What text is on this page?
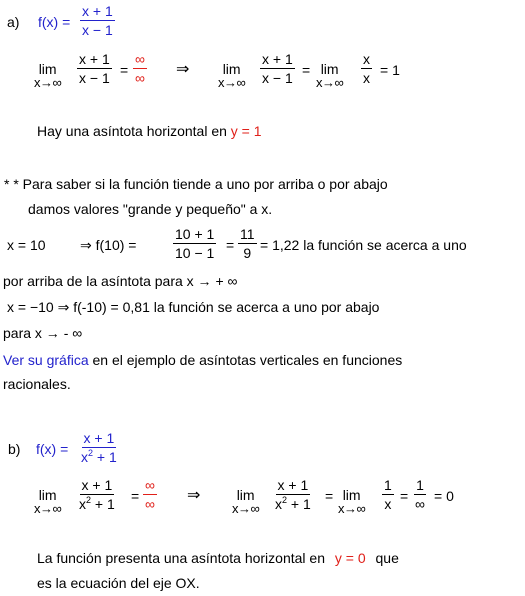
a) $f(x) = \frac{x + 1}{x - 1}$
lim
$x\to\infty \frac{x + 1}{x - 1}$ =
∞
∞ ⇒ lim
$x\to\infty \frac{x + 1}{x - 1} = \lim$
$x\to\infty \frac{x}{x} = 1$
Hay una asíntota horizontal en y = 1
* * Para saber si la función tiende a uno por arriba o por abajo
damos valores "grande y pequeño" a x.
x = 10 ⇒ f(10) =	$\frac{10 + 1}{10 - 1} = \frac{11}{9} = 1,22$ la función se acerca a uno
por arriba de la asíntota para x → + ∞
x = −10 ⇒ f(-10) = 0,81 la función se acerca a uno por abajo
para x → - ∞
Ver su gráfica en el ejemplo de asíntotas verticales en funciones
racionales.
b) $f(x) = \frac{x + 1}{x^2 + 1}$
lim
$x\to\infty \frac{x + 1}{x^2 + 1}$ =
∞
∞ ⇒	lim
$x\to\infty \frac{x + 1}{x^2 + 1} = \lim$
$x\to\infty \frac{1}{x}$ =
1
∞ = 0
La función presenta una asíntota horizontal en y = 0 que
es la ecuación del eje OX.
